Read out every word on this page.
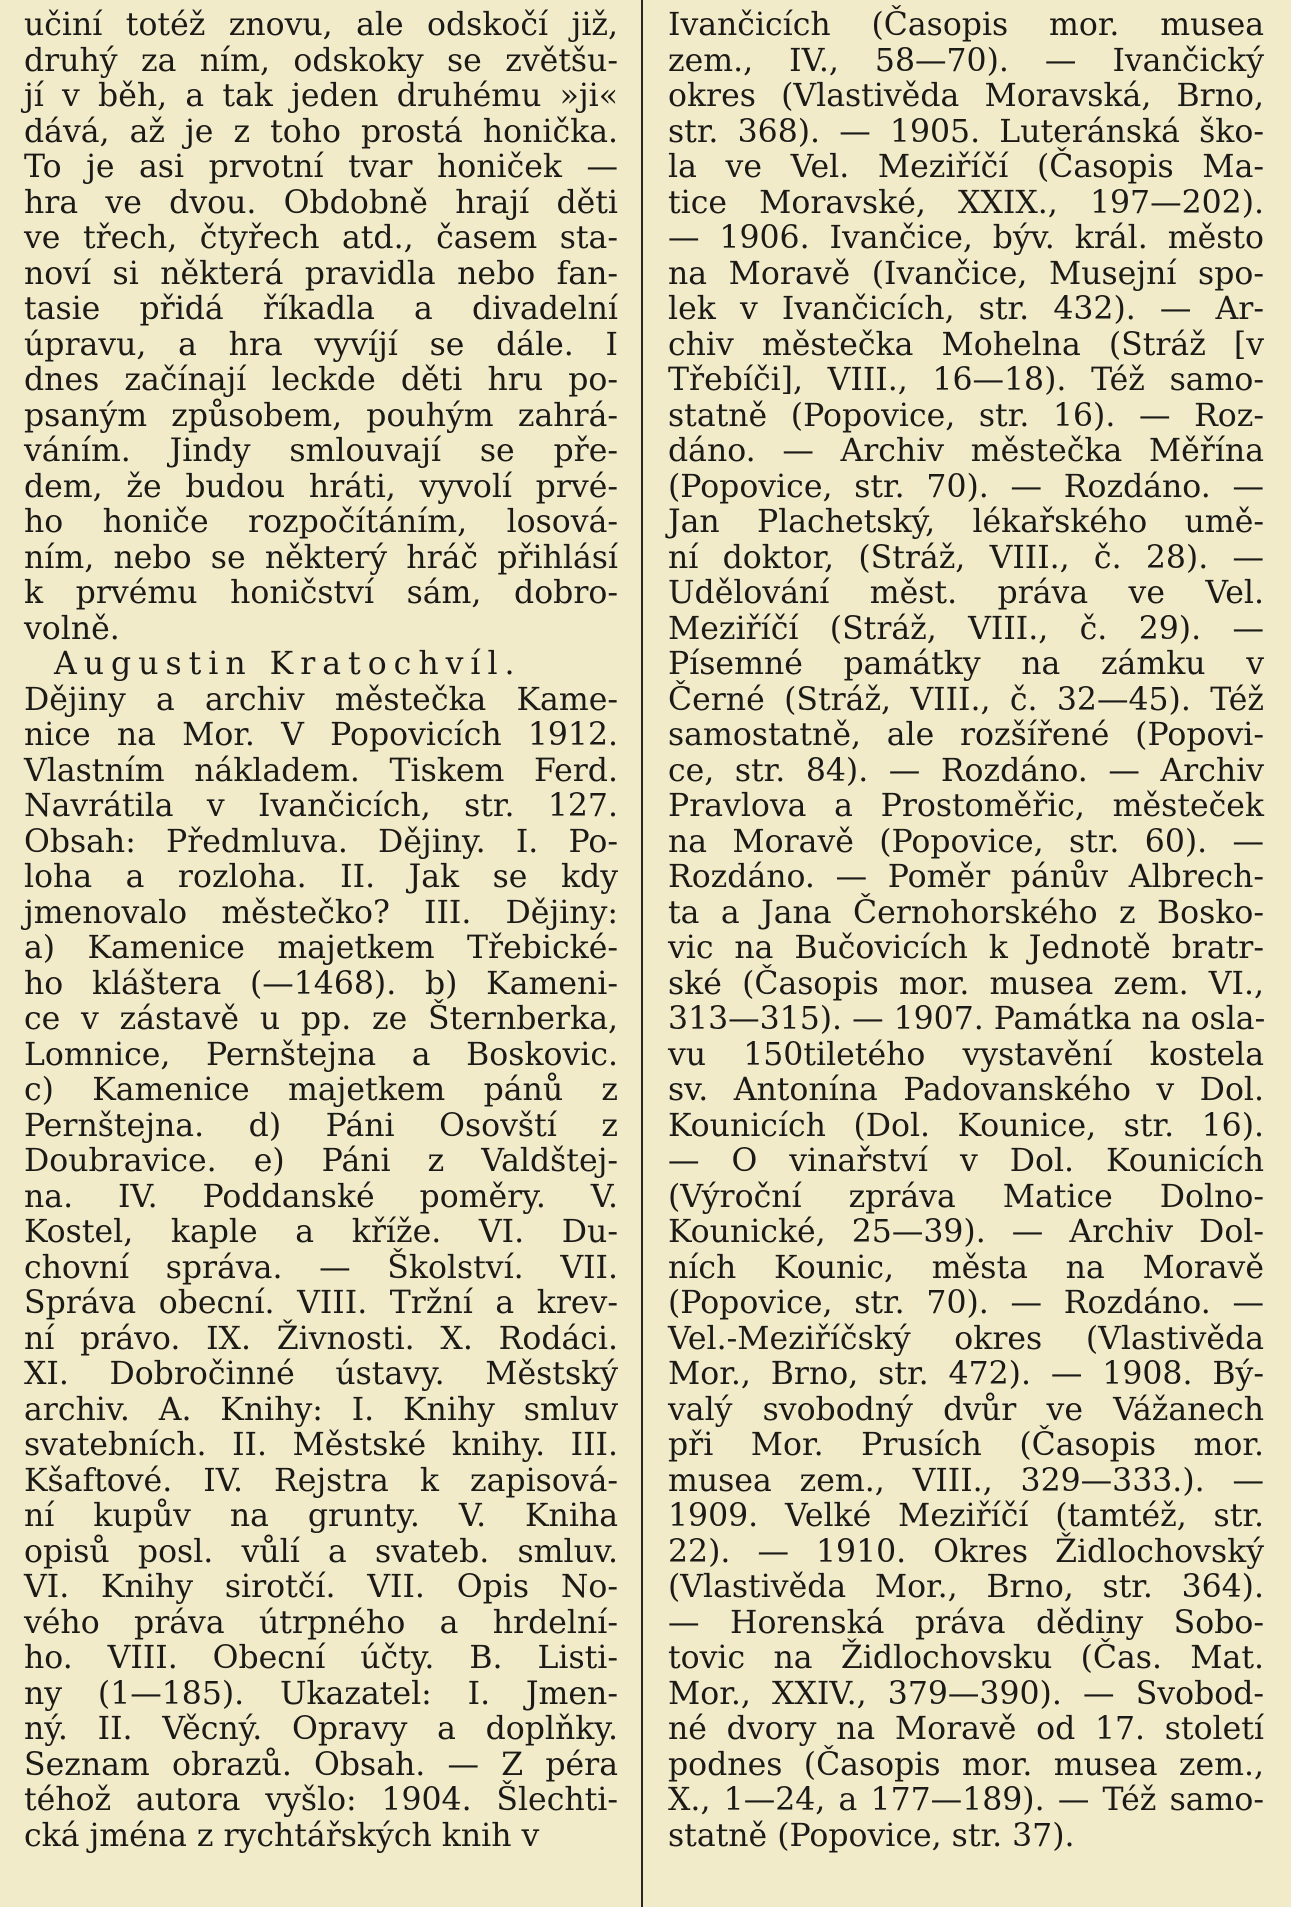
učiní totéž znovu, ale odskočí již,
druhý za ním, odskoky se zvětšu-
jí v běh, a tak jeden druhému »ji«
dává, až je z toho prostá honička.
To je asi prvotní tvar honiček —
hra ve dvou. Obdobně hrají děti
ve třech, čtyřech atd., časem sta-
noví si některá pravidla nebo fan-
tasie přidá říkadla a divadelní
úpravu, a hra vyvíjí se dále. I
dnes začínají leckde děti hru po-
psaným způsobem, pouhým zahrá-
váním. Jindy smlouvají se pře-
dem, že budou hráti, vyvolí prvé-
ho honiče rozpočítáním, losová-
ním, nebo se některý hráč přihlásí
k prvému honičství sám, dobro-
volně.
Augustin Kratochvíl.
Dějiny a archiv městečka Kame-
nice na Mor. V Popovicích 1912.
Vlastním nákladem. Tiskem Ferd.
Navrátila v Ivančicích, str. 127.
Obsah: Předmluva. Dějiny. I. Po-
loha a rozloha. II. Jak se kdy
jmenovalo městečko? III. Dějiny:
a) Kamenice majetkem Třebické-
ho kláštera (—1468). b) Kameni-
ce v zástavě u pp. ze Šternberka,
Lomnice, Pernštejna a Boskovic.
c) Kamenice majetkem pánů z
Pernštejna. d) Páni Osovští z
Doubravice. e) Páni z Valdštej-
na. IV. Poddanské poměry. V.
Kostel, kaple a kříže. VI. Du-
chovní správa. — Školství. VII.
Správa obecní. VIII. Tržní a krev-
ní právo. IX. Živnosti. X. Rodáci.
XI. Dobročinné ústavy. Městský
archiv. A. Knihy: I. Knihy smluv
svatebních. II. Městské knihy. III.
Kšaftové. IV. Rejstra k zapisová-
ní kupův na grunty. V. Kniha
opisů posl. vůlí a svateb. smluv.
VI. Knihy sirotčí. VII. Opis No-
vého práva útrpného a hrdelní-
ho. VIII. Obecní účty. B. Listi-
ny (1—185). Ukazatel: I. Jmen-
ný. II. Věcný. Opravy a doplňky.
Seznam obrazů. Obsah. — Z péra
téhož autora vyšlo: 1904. Šlechti-
cká jména z rychtářských knih v
Ivančicích (Časopis mor. musea
zem., IV., 58—70). — Ivančický
okres (Vlastivěda Moravská, Brno,
str. 368). — 1905. Luteránská ško-
la ve Vel. Meziříčí (Časopis Ma-
tice Moravské, XXIX., 197—202).
— 1906. Ivančice, býv. král. město
na Moravě (Ivančice, Musejní spo-
lek v Ivančicích, str. 432). — Ar-
chiv městečka Mohelna (Stráž [v
Třebíči], VIII., 16—18). Též samo-
statně (Popovice, str. 16). — Roz-
dáno. — Archiv městečka Měřína
(Popovice, str. 70). — Rozdáno. —
Jan Plachetský, lékařského umě-
ní doktor, (Stráž, VIII., č. 28). —
Udělování měst. práva ve Vel.
Meziříčí (Stráž, VIII., č. 29). —
Písemné památky na zámku v
Černé (Stráž, VIII., č. 32—45). Též
samostatně, ale rozšířené (Popovi-
ce, str. 84). — Rozdáno. — Archiv
Pravlova a Prostoměřic, městeček
na Moravě (Popovice, str. 60). —
Rozdáno. — Poměr pánův Albrech-
ta a Jana Černohorského z Bosko-
vic na Bučovicích k Jednotě bratr-
ské (Časopis mor. musea zem. VI.,
313—315). — 1907. Památka na osla-
vu 150tiletého vystavění kostela
sv. Antonína Padovanského v Dol.
Kounicích (Dol. Kounice, str. 16).
— O vinařství v Dol. Kounicích
(Výroční zpráva Matice Dolno-
Kounické, 25—39). — Archiv Dol-
ních Kounic, města na Moravě
(Popovice, str. 70). — Rozdáno. —
Vel.-Meziříčský okres (Vlastivěda
Mor., Brno, str. 472). — 1908. Bý-
valý svobodný dvůr ve Vážanech
při Mor. Prusích (Časopis mor.
musea zem., VIII., 329—333.). —
1909. Velké Meziříčí (tamtéž, str.
22). — 1910. Okres Židlochovský
(Vlastivěda Mor., Brno, str. 364).
— Horenská práva dědiny Sobo-
tovic na Židlochovsku (Čas. Mat.
Mor., XXIV., 379—390). — Svobod-
né dvory na Moravě od 17. století
podnes (Časopis mor. musea zem.,
X., 1—24, a 177—189). — Též samo-
statně (Popovice, str. 37).
